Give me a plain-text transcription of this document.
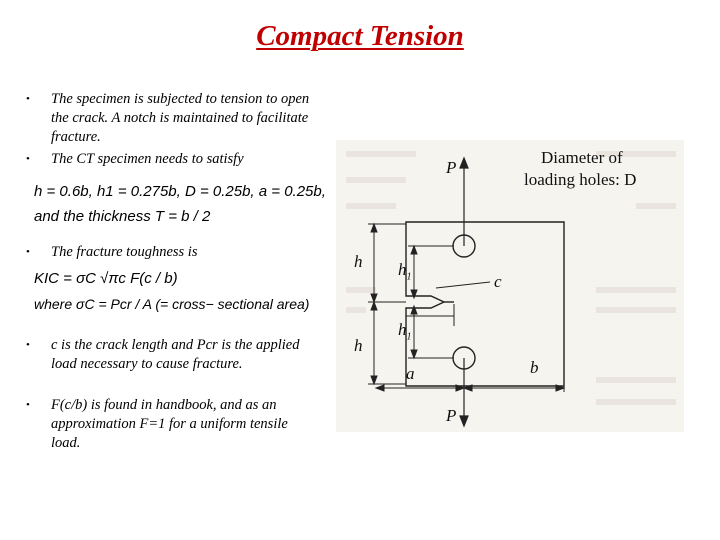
Compact Tension
• The specimen is subjected to tension to open the crack. A notch is maintained to facilitate fracture.
• The CT specimen needs to satisfy
h = 0.6b, h1 = 0.275b, D = 0.25b, a = 0.25b,
and the thickness T = b / 2
• The fracture toughness is
KIC = σC √πc F(c / b)
where σC = Pcr / A (= cross− sectional area)
• c is the crack length and Pcr is the applied load necessary to cause fracture.
• F(c/b) is found in handbook, and as an approximation F=1 for a uniform tensile load.
Diameter of
loading holes: D
P
P
h
h
$h_1$
$h_1$
c
a	b
